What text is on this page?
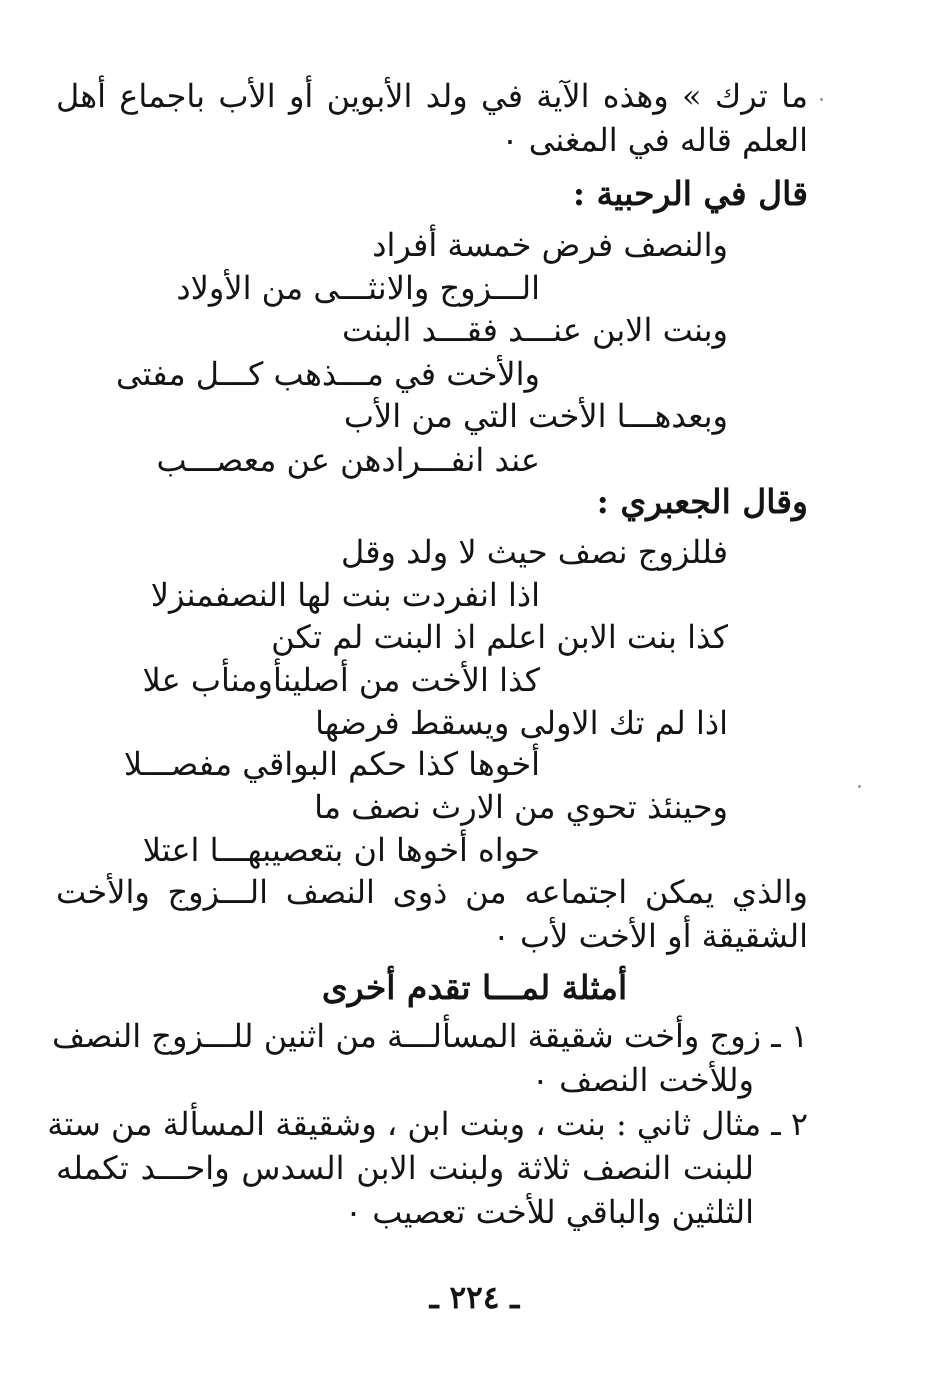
ما ترك » وهذه الآية في ولد الأبوين أو الأب باجماع أهل
العلم قاله في المغنى ٠
قال في الرحبية :
والنصف فرض خمسة أفراد
الـــزوج والانثـــى من الأولاد
وبنت الابن عنـــد فقـــد البنت
والأخت في مـــذهب كـــل مفتى
وبعدهـــا الأخت التي من الأب
عند انفـــرادهن عن معصـــب
وقال الجعبري :
فللزوج نصف حيث لا ولد وقل
اذا انفردت بنت لها النصفمنزلا
كذا بنت الابن اعلم اذ البنت لم تكن
كذا الأخت من أصلينأومنأب علا
اذا لم تك الاولى ويسقط فرضها
أخوها كذا حكم البواقي مفصـــلا
وحينئذ تحوي من الارث نصف ما
حواه أخوها ان بتعصيبهـــا اعتلا
والذي يمكن اجتماعه من ذوى النصف الـــزوج والأخت
الشقيقة أو الأخت لأب ٠
أمثلة لمـــا تقدم أخرى
١ ـ زوج وأخت شقيقة المسألـــة من اثنين للـــزوج النصف
وللأخت النصف ٠
٢ ـ مثال ثاني : بنت ، وبنت ابن ، وشقيقة المسألة من ستة
للبنت النصف ثلاثة ولبنت الابن السدس واحـــد تكمله
الثلثين والباقي للأخت تعصيب ٠
ـ ٢٢٤ ـ
